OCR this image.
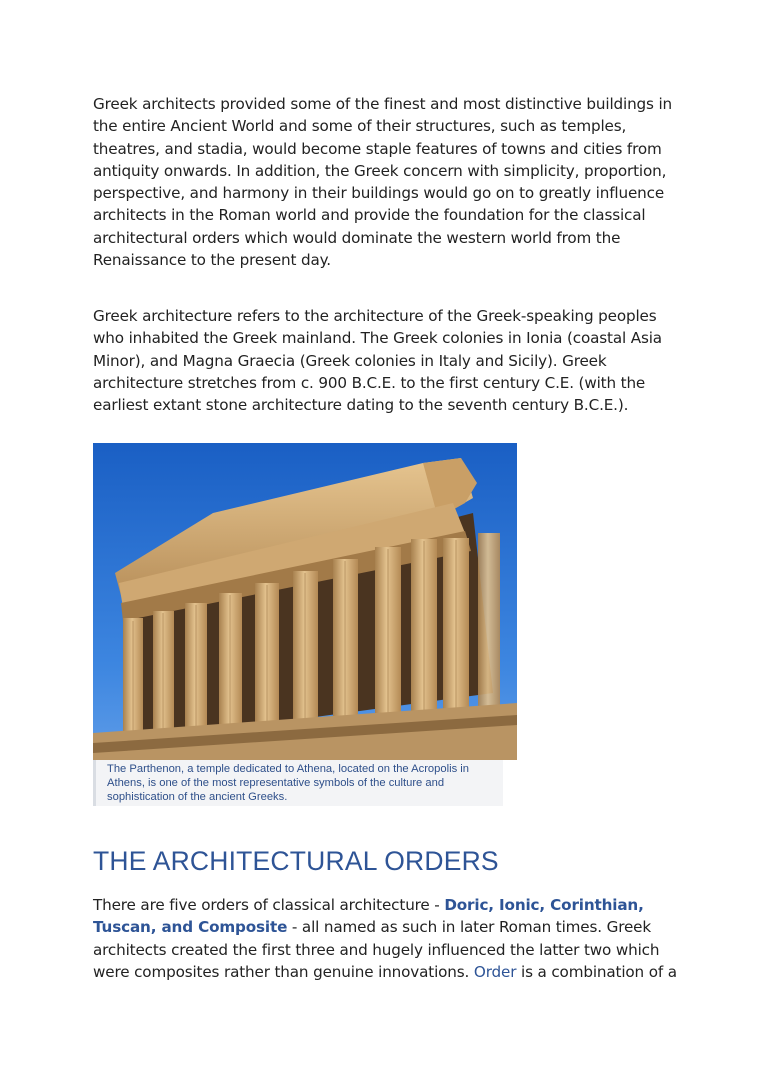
Greek architects provided some of the finest and most distinctive buildings in the entire Ancient World and some of their structures, such as temples, theatres, and stadia, would become staple features of towns and cities from antiquity onwards. In addition, the Greek concern with simplicity, proportion, perspective, and harmony in their buildings would go on to greatly influence architects in the Roman world and provide the foundation for the classical architectural orders which would dominate the western world from the Renaissance to the present day.

Greek architecture refers to the architecture of the Greek-speaking peoples who inhabited the Greek mainland. The Greek colonies in Ionia (coastal Asia Minor), and Magna Graecia (Greek colonies in Italy and Sicily). Greek architecture stretches from c. 900 B.C.E. to the first century C.E. (with the earliest extant stone architecture dating to the seventh century B.C.E.).

The Parthenon, a temple dedicated to Athena, located on the Acropolis in Athens, is one of the most representative symbols of the culture and sophistication of the ancient Greeks.
THE ARCHITECTURAL ORDERS

There are five orders of classical architecture - Doric, Ionic, Corinthian, Tuscan, and Composite - all named as such in later Roman times. Greek architects created the first three and hugely influenced the latter two which were composites rather than genuine innovations. Order is a combination of a
